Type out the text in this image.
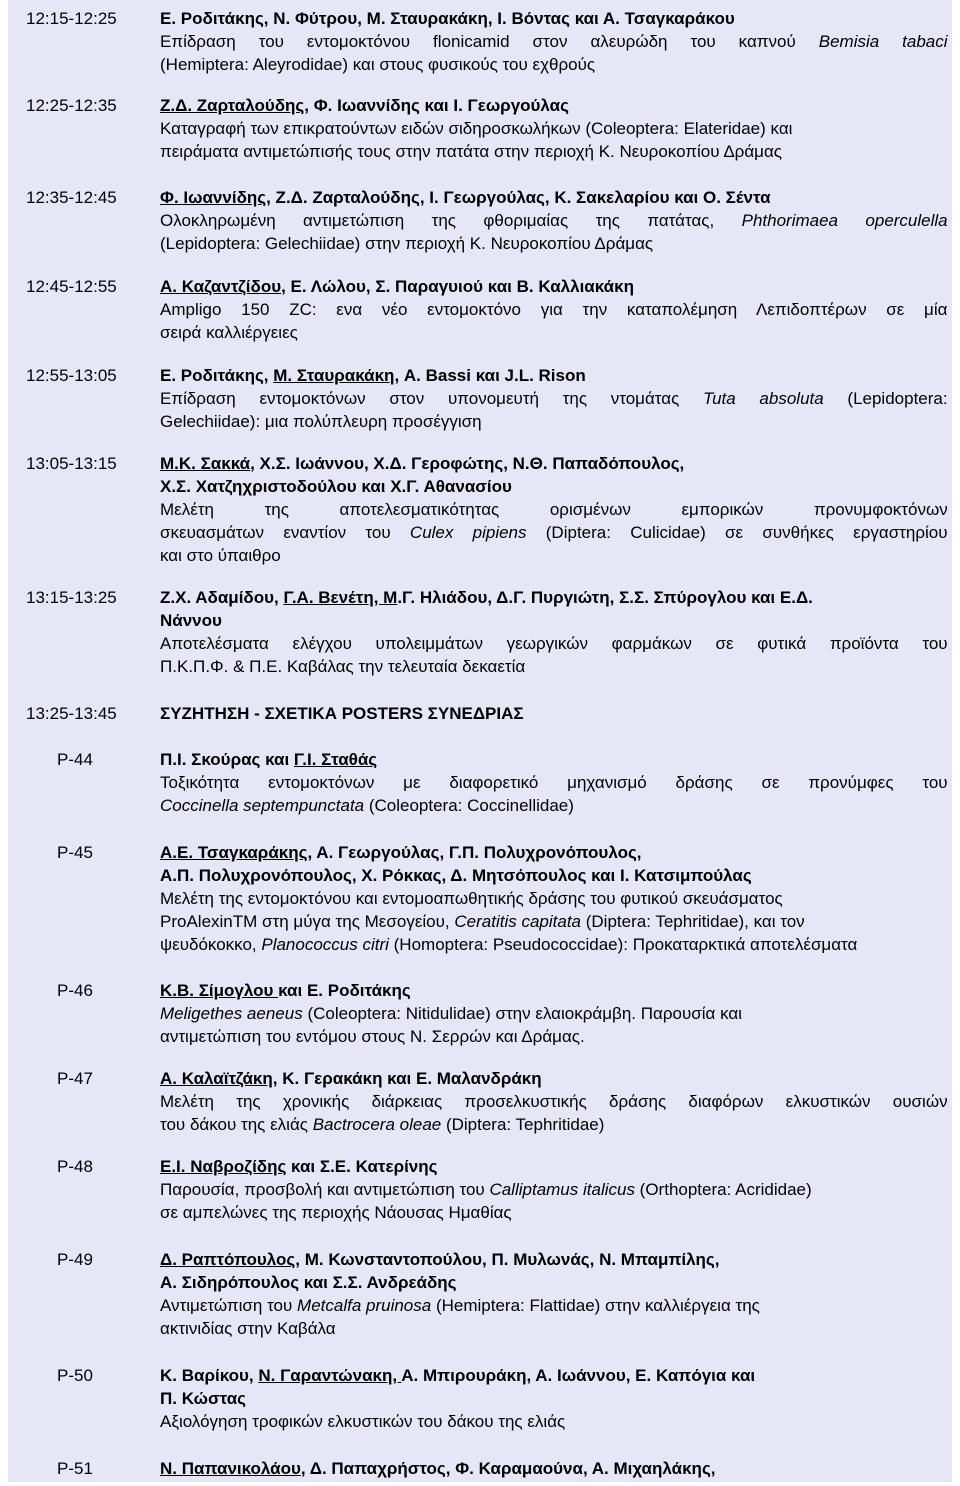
12:15-12:25	Ε. Ροδιτάκης, Ν. Φύτρου, Μ. Σταυρακάκη, Ι. Βόντας και Α. Τσαγκαράκου
Επίδραση του εντομοκτόνου flonicamid στον αλευρώδη του καπνού Bemisia tabaci
(Hemiptera: Aleyrodidae) και στους φυσικούς του εχθρούς
12:25-12:35	Ζ.Δ. Ζαρταλούδης, Φ. Ιωαννίδης και Ι. Γεωργούλας
Καταγραφή των επικρατούντων ειδών σιδηροσκωλήκων (Coleoptera: Elateridae) και
πειράματα αντιμετώπισής τους στην πατάτα στην περιοχή Κ. Νευροκοπίου Δράμας
12:35-12:45	Φ. Ιωαννίδης, Ζ.Δ. Ζαρταλούδης, Ι. Γεωργούλας, Κ. Σακελαρίου και Ο. Σέντα
Ολοκληρωμένη αντιμετώπιση της φθοριμαίας της πατάτας, Phthorimaea operculella
(Lepidoptera: Gelechiidae) στην περιοχή Κ. Νευροκοπίου Δράμας
12:45-12:55	Α. Καζαντζίδου, Ε. Λώλου, Σ. Παραγυιού και Β. Καλλιακάκη
Ampligo 150 ZC: ενα νέο εντομοκτόνο για την καταπολέμηση Λεπιδοπτέρων σε μία
σειρά καλλιέργειες
12:55-13:05	Ε. Ροδιτάκης, Μ. Σταυρακάκη, A. Bassi και J.L. Rison
Επίδραση εντομοκτόνων στον υπονομευτή της ντομάτας Tuta absoluta (Lepidoptera:
Gelechiidae): μια πολύπλευρη προσέγγιση
13:05-13:15	Μ.Κ. Σακκά, Χ.Σ. Ιωάννου, Χ.Δ. Γεροφώτης, Ν.Θ. Παπαδόπουλος,
Χ.Σ. Χατζηχριστοδούλου και Χ.Γ. Αθανασίου
Μελέτη της αποτελεσματικότητας ορισμένων εμπορικών προνυμφοκτόνων
σκευασμάτων εναντίον του Culex pipiens (Diptera: Culicidae) σε συνθήκες εργαστηρίου
και στο ύπαιθρο
13:15-13:25	Ζ.Χ. Αδαμίδου, Γ.Α. Βενέτη, Μ.Γ. Ηλιάδου, Δ.Γ. Πυργιώτη, Σ.Σ. Σπύρογλου και Ε.Δ.
Νάννου
Αποτελέσματα ελέγχου υπολειμμάτων γεωργικών φαρμάκων σε φυτικά προϊόντα του
Π.Κ.Π.Φ. & Π.Ε. Καβάλας την τελευταία δεκαετία
13:25-13:45	ΣΥΖΗΤΗΣΗ - ΣΧΕΤΙΚΑ POSTERS ΣΥΝΕΔΡΙΑΣ
P-44	Π.Ι. Σκούρας και Γ.Ι. Σταθάς
Τοξικότητα εντομοκτόνων με διαφορετικό μηχανισμό δράσης σε προνύμφες του
Coccinella septempunctata (Coleoptera: Coccinellidae)
P-45	Α.Ε. Τσαγκαράκης, Α. Γεωργούλας, Γ.Π. Πολυχρονόπουλος,
Α.Π. Πολυχρονόπουλος, Χ. Ρόκκας, Δ. Μητσόπουλος και Ι. Κατσιμπούλας
Μελέτη της εντομοκτόνου και εντομοαπωθητικής δράσης του φυτικού σκευάσματος
ProAlexinTM στη μύγα της Μεσογείου, Ceratitis capitata (Diptera: Tephritidae), και τον
ψευδόκοκκο, Planococcus citri (Homoptera: Pseudococcidae): Προκαταρκτικά αποτελέσματα
P-46	Κ.Β. Σίμογλου και Ε. Ροδιτάκης
Meligethes aeneus (Coleoptera: Nitidulidae) στην ελαιοκράμβη. Παρουσία και
αντιμετώπιση του εντόμου στους Ν. Σερρών και Δράμας.
P-47	Α. Καλαϊτζάκη, Κ. Γερακάκη και Ε. Μαλανδράκη
Μελέτη της χρονικής διάρκειας προσελκυστικής δράσης διαφόρων ελκυστικών ουσιών
του δάκου της ελιάς Bactrocera oleae (Diptera: Tephritidae)
P-48	Ε.Ι. Ναβροζίδης και Σ.Ε. Κατερίνης
Παρουσία, προσβολή και αντιμετώπιση του Calliptamus italicus (Orthoptera: Acrididae)
σε αμπελώνες της περιοχής Νάουσας Ημαθίας
P-49	Δ. Ραπτόπουλος, Μ. Κωνσταντοπούλου, Π. Μυλωνάς, Ν. Μπαμπίλης,
Α. Σιδηρόπουλος και Σ.Σ. Ανδρεάδης
Αντιμετώπιση του Metcalfa pruinosa (Hemiptera: Flattidae) στην καλλιέργεια της
ακτινιδίας στην Καβάλα
P-50	Κ. Βαρίκου, Ν. Γαραντώνακη, Α. Μπιρουράκη, Α. Ιωάννου, Ε. Καπόγια και
Π. Κώστας
Αξιολόγηση τροφικών ελκυστικών του δάκου της ελιάς
P-51	Ν. Παπανικολάου, Δ. Παπαχρήστος, Φ. Καραμαούνα, Α. Μιχαηλάκης,
